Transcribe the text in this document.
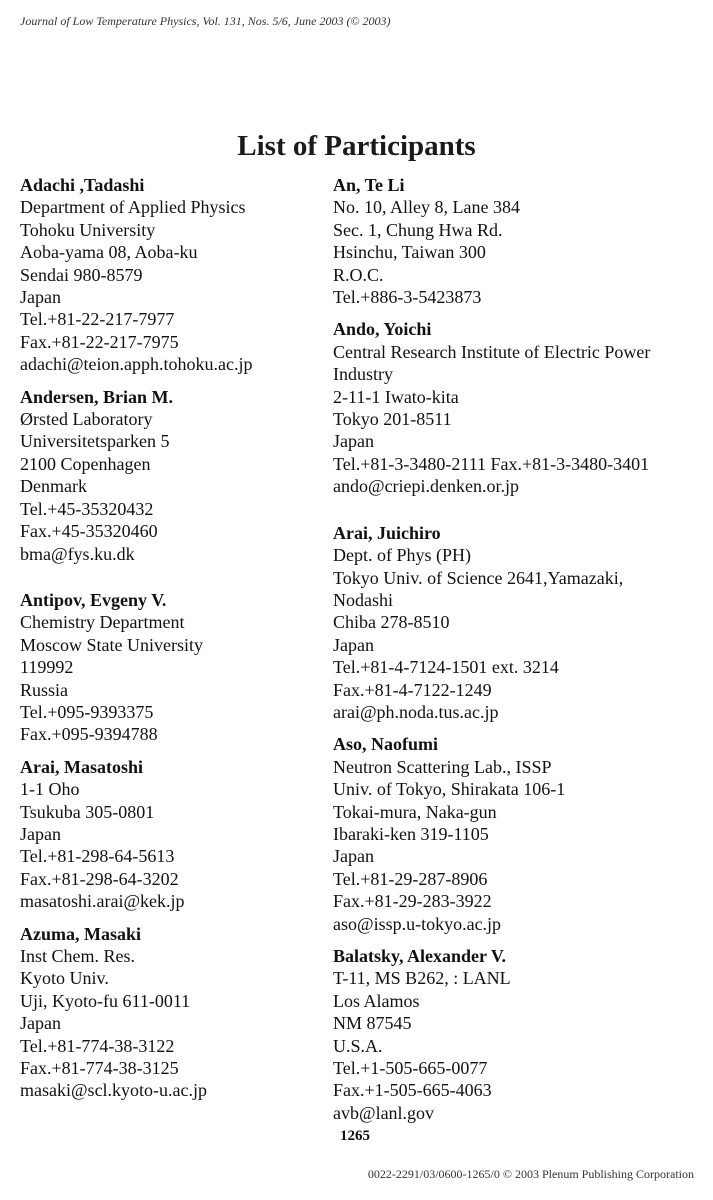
Journal of Low Temperature Physics, Vol. 131, Nos. 5/6, June 2003 (© 2003)
List of Participants
Adachi ,Tadashi
Department of Applied Physics
Tohoku University
Aoba-yama 08, Aoba-ku
Sendai 980-8579
Japan
Tel.+81-22-217-7977
Fax.+81-22-217-7975
adachi@teion.apph.tohoku.ac.jp
Andersen, Brian M.
Ørsted Laboratory
Universitetsparken 5
2100 Copenhagen
Denmark
Tel.+45-35320432
Fax.+45-35320460
bma@fys.ku.dk
Antipov, Evgeny V.
Chemistry Department
Moscow State University
119992
Russia
Tel.+095-9393375
Fax.+095-9394788
Arai, Masatoshi
1-1 Oho
Tsukuba 305-0801
Japan
Tel.+81-298-64-5613
Fax.+81-298-64-3202
masatoshi.arai@kek.jp
Azuma, Masaki
Inst Chem. Res.
Kyoto Univ.
Uji, Kyoto-fu 611-0011
Japan
Tel.+81-774-38-3122
Fax.+81-774-38-3125
masaki@scl.kyoto-u.ac.jp
An, Te Li
No. 10, Alley 8, Lane 384
Sec. 1, Chung Hwa Rd.
Hsinchu, Taiwan 300
R.O.C.
Tel.+886-3-5423873
Ando, Yoichi
Central Research Institute of Electric Power
Industry
2-11-1 Iwato-kita
Tokyo 201-8511
Japan
Tel.+81-3-3480-2111 Fax.+81-3-3480-3401
ando@criepi.denken.or.jp
Arai, Juichiro
Dept. of Phys (PH)
Tokyo Univ. of Science 2641,Yamazaki,
Nodashi
Chiba 278-8510
Japan
Tel.+81-4-7124-1501 ext. 3214
Fax.+81-4-7122-1249
arai@ph.noda.tus.ac.jp
Aso, Naofumi
Neutron Scattering Lab., ISSP
Univ. of Tokyo, Shirakata 106-1
Tokai-mura, Naka-gun
Ibaraki-ken 319-1105
Japan
Tel.+81-29-287-8906
Fax.+81-29-283-3922
aso@issp.u-tokyo.ac.jp
Balatsky, Alexander V.
T-11, MS B262, : LANL
Los Alamos
NM 87545
U.S.A.
Tel.+1-505-665-0077
Fax.+1-505-665-4063
avb@lanl.gov
1265
0022-2291/03/0600-1265/0 © 2003 Plenum Publishing Corporation
